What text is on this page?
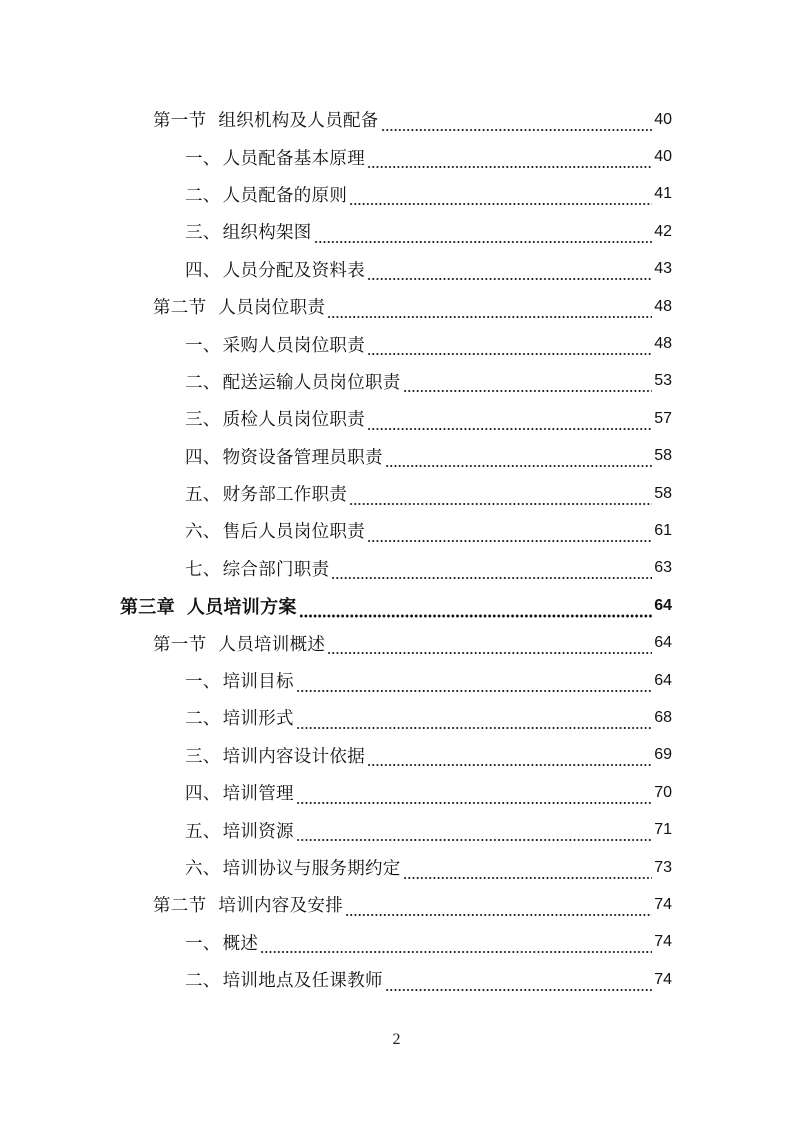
第一节 组织机构及人员配备	40
一、 人员配备基本原理	40
二、 人员配备的原则	41
三、 组织构架图	42
四、 人员分配及资料表	43
第二节 人员岗位职责	48
一、 采购人员岗位职责	48
二、 配送运输人员岗位职责	53
三、 质检人员岗位职责	57
四、 物资设备管理员职责	58
五、 财务部工作职责	58
六、 售后人员岗位职责	61
七、 综合部门职责	63
第三章 人员培训方案	64
第一节 人员培训概述	64
一、 培训目标	64
二、 培训形式	68
三、 培训内容设计依据	69
四、 培训管理	70
五、 培训资源	71
六、 培训协议与服务期约定	73
第二节 培训内容及安排	74
一、 概述	74
二、 培训地点及任课教师	74
2
